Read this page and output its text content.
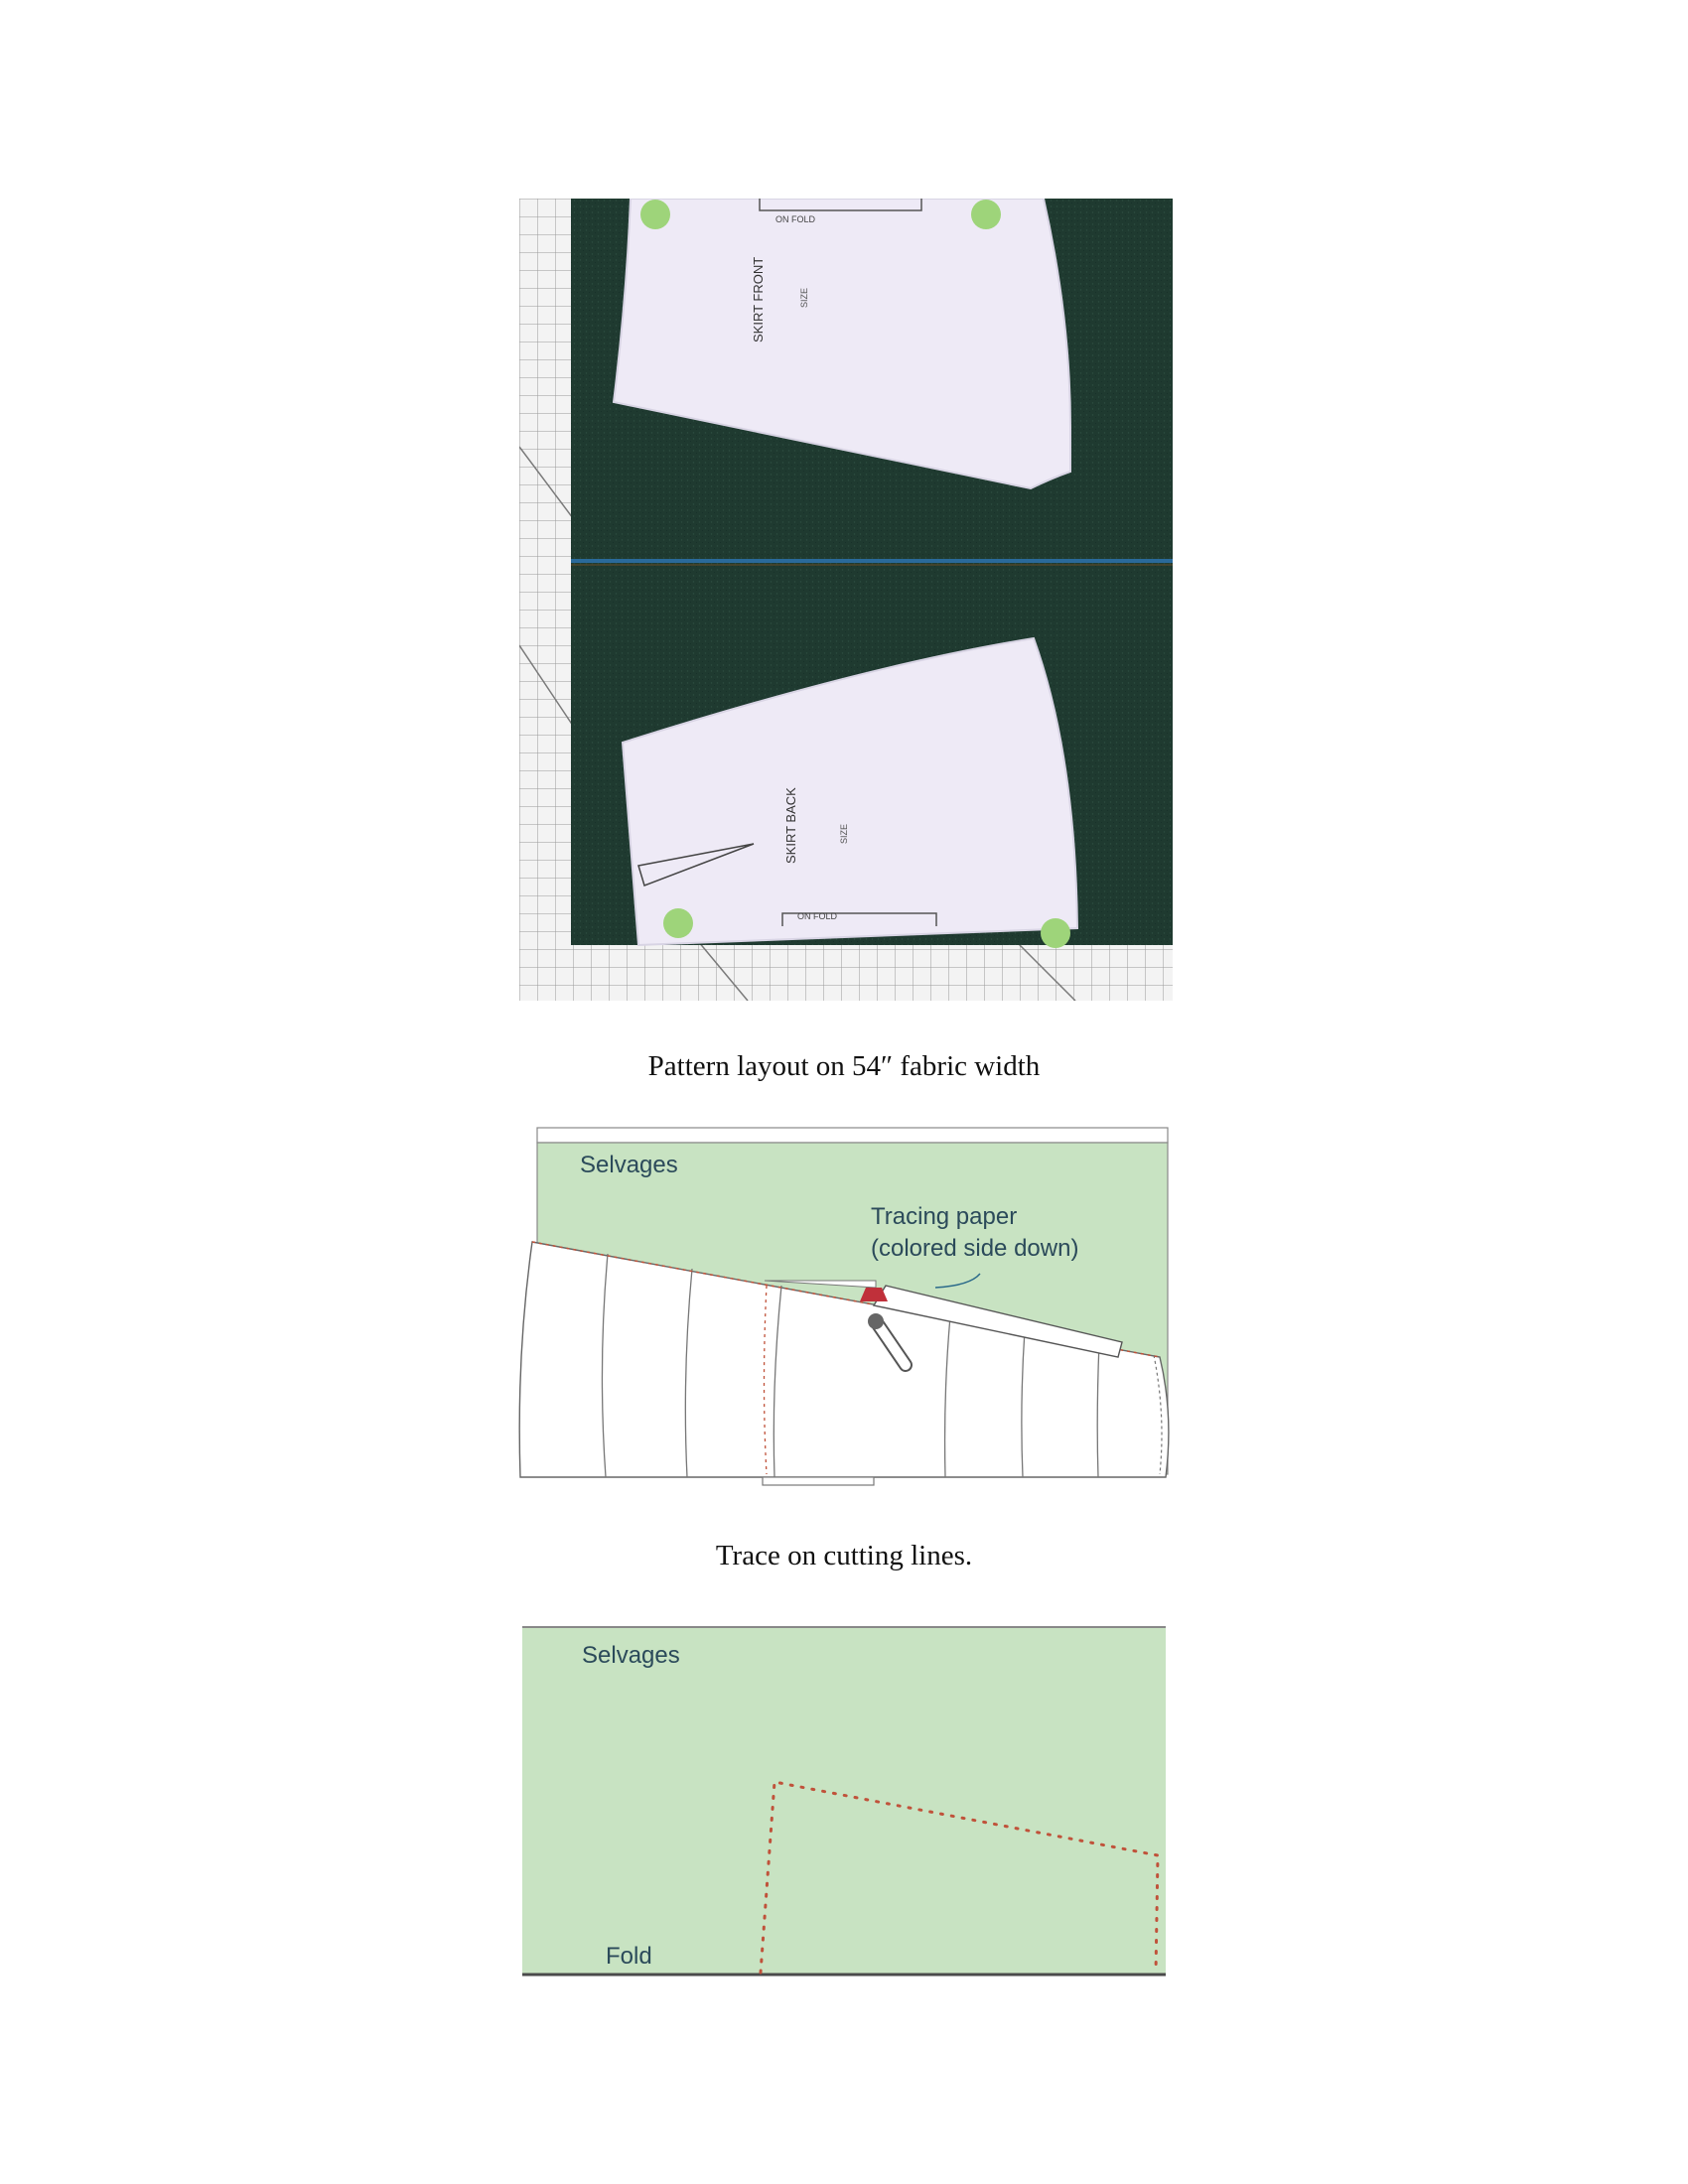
ON FOLD
SKIRT FRONT	SIZE
ON FOLD
SKIRT BACK	SIZE
Pattern layout on 54″ fabric width
Selvages
Tracing paper
(colored side down)
Trace on cutting lines.
Selvages
Fold
